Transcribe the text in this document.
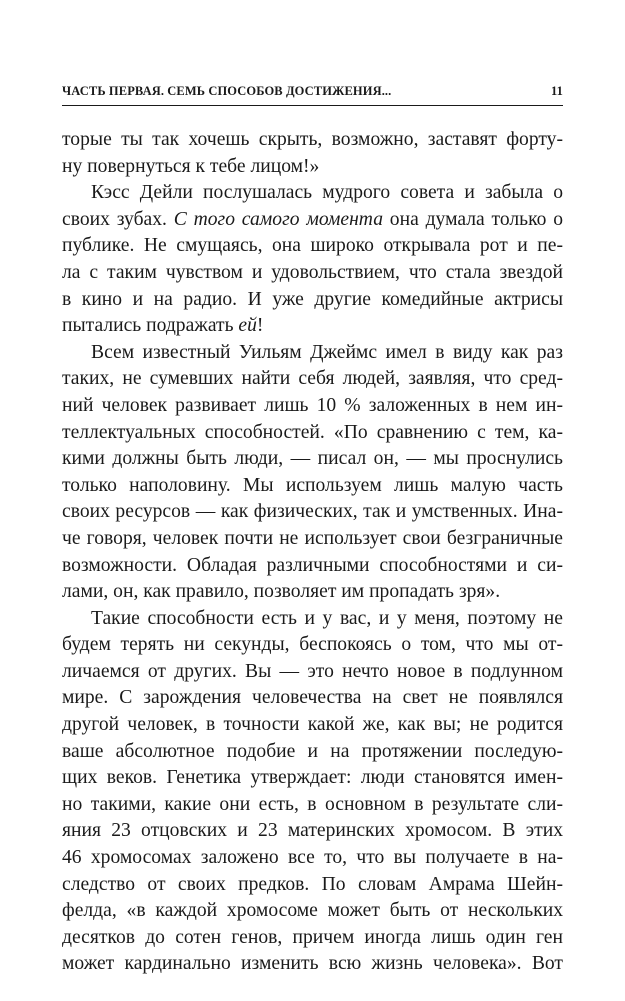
ЧАСТЬ ПЕРВАЯ. СЕМЬ СПОСОБОВ ДОСТИЖЕНИЯ...	11

торые ты так хочешь скрыть, возможно, заставят форту-
ну повернуться к тебе лицом!»

Кэсс Дейли послушалась мудрого совета и забыла о
своих зубах. С того самого момента она думала только о
публике. Не смущаясь, она широко открывала рот и пе-
ла с таким чувством и удовольствием, что стала звездой
в кино и на радио. И уже другие комедийные актрисы
пытались подражать ей!

Всем известный Уильям Джеймс имел в виду как раз
таких, не сумевших найти себя людей, заявляя, что сред-
ний человек развивает лишь 10 % заложенных в нем ин-
теллектуальных способностей. «По сравнению с тем, ка-
кими должны быть люди, — писал он, — мы проснулись
только наполовину. Мы используем лишь малую часть
своих ресурсов — как физических, так и умственных. Ина-
че говоря, человек почти не использует свои безграничные
возможности. Обладая различными способностями и си-
лами, он, как правило, позволяет им пропадать зря».

Такие способности есть и у вас, и у меня, поэтому не
будем терять ни секунды, беспокоясь о том, что мы от-
личаемся от других. Вы — это нечто новое в подлунном
мире. С зарождения человечества на свет не появлялся
другой человек, в точности какой же, как вы; не родится
ваше абсолютное подобие и на протяжении последую-
щих веков. Генетика утверждает: люди становятся имен-
но такими, какие они есть, в основном в результате сли-
яния 23 отцовских и 23 материнских хромосом. В этих
46 хромосомах заложено все то, что вы получаете в на-
следство от своих предков. По словам Амрама Шейн-
фелда, «в каждой хромосоме может быть от нескольких
десятков до сотен генов, причем иногда лишь один ген
может кардинально изменить всю жизнь человека». Вот
